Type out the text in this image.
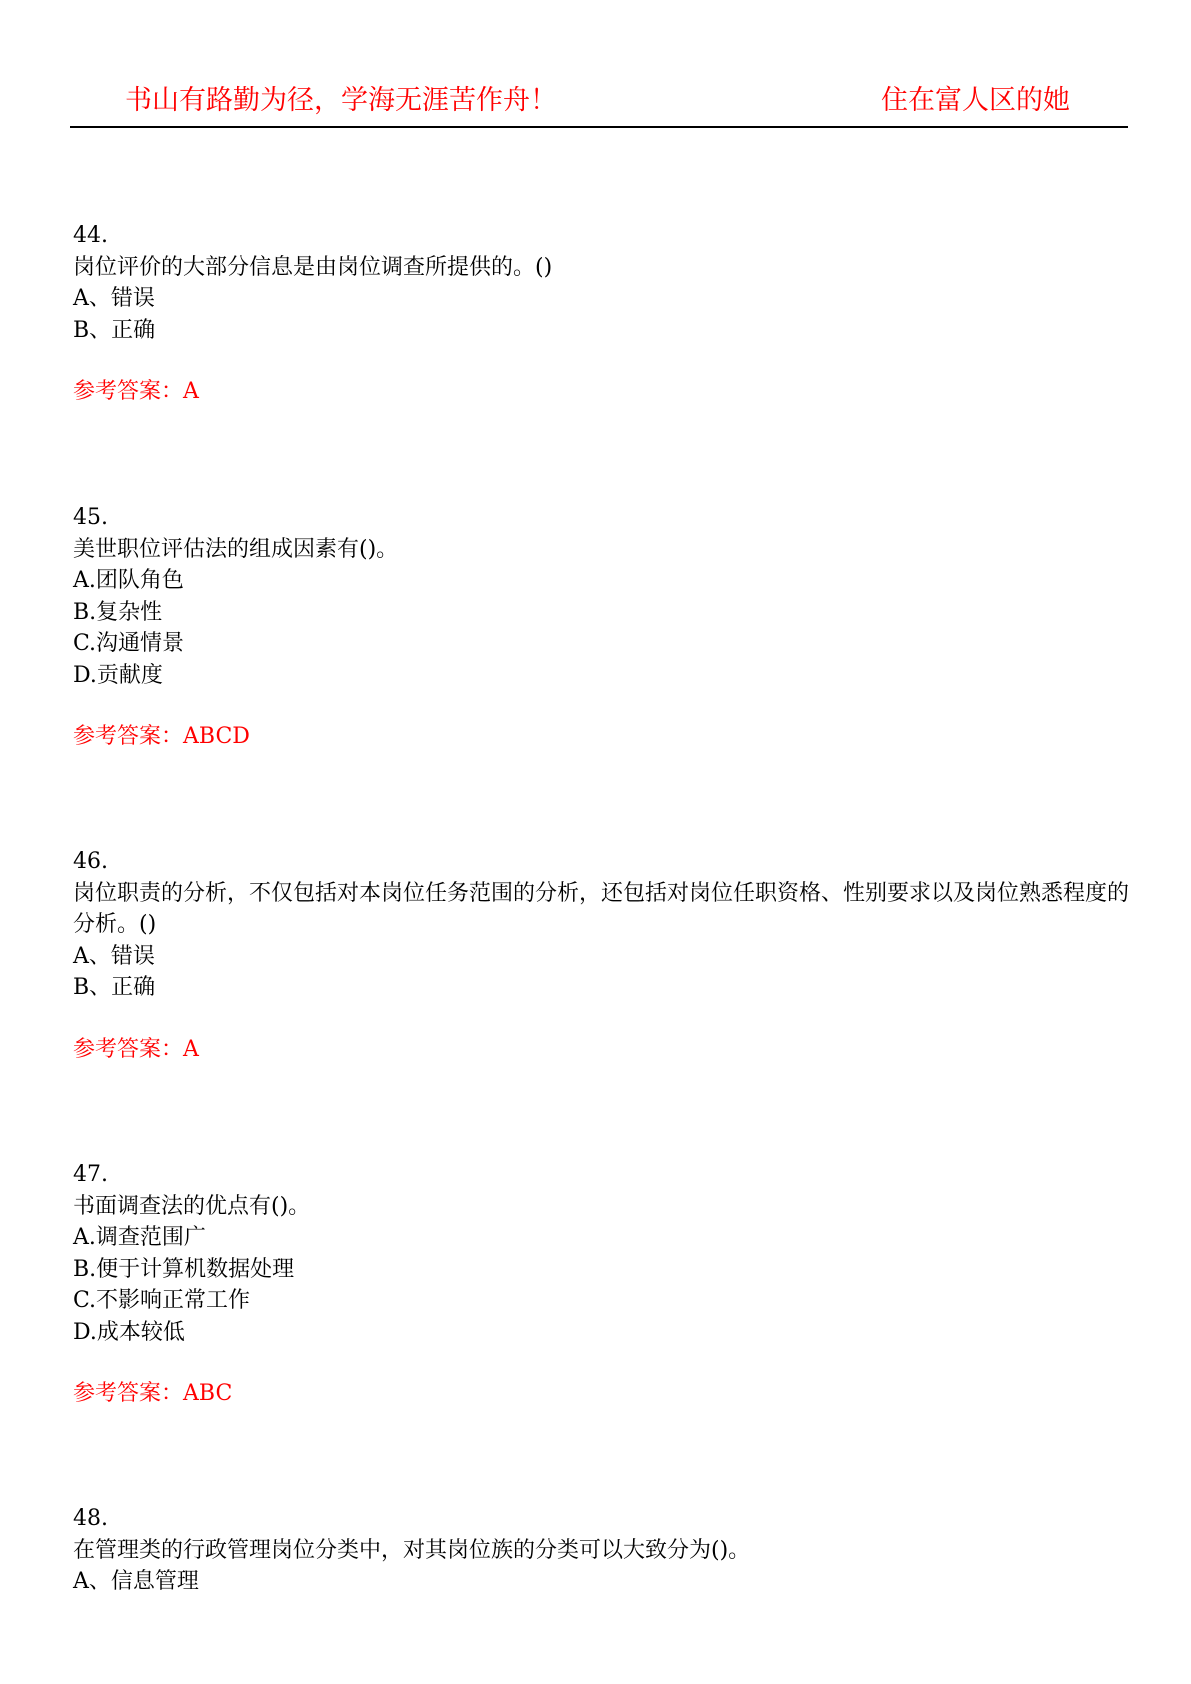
书山有路勤为径，学海无涯苦作舟！	住在富人区的她
44.
岗位评价的大部分信息是由岗位调查所提供的。()
A、错误
B、正确
参考答案：A
45.
美世职位评估法的组成因素有()。
A.团队角色
B.复杂性
C.沟通情景
D.贡献度
参考答案：ABCD
46.
岗位职责的分析，不仅包括对本岗位任务范围的分析，还包括对岗位任职资格、性别要求以及岗位熟悉程度的分析。()
A、错误
B、正确
参考答案：A
47.
书面调查法的优点有()。
A.调查范围广
B.便于计算机数据处理
C.不影响正常工作
D.成本较低
参考答案：ABC
48.
在管理类的行政管理岗位分类中，对其岗位族的分类可以大致分为()。
A、信息管理
